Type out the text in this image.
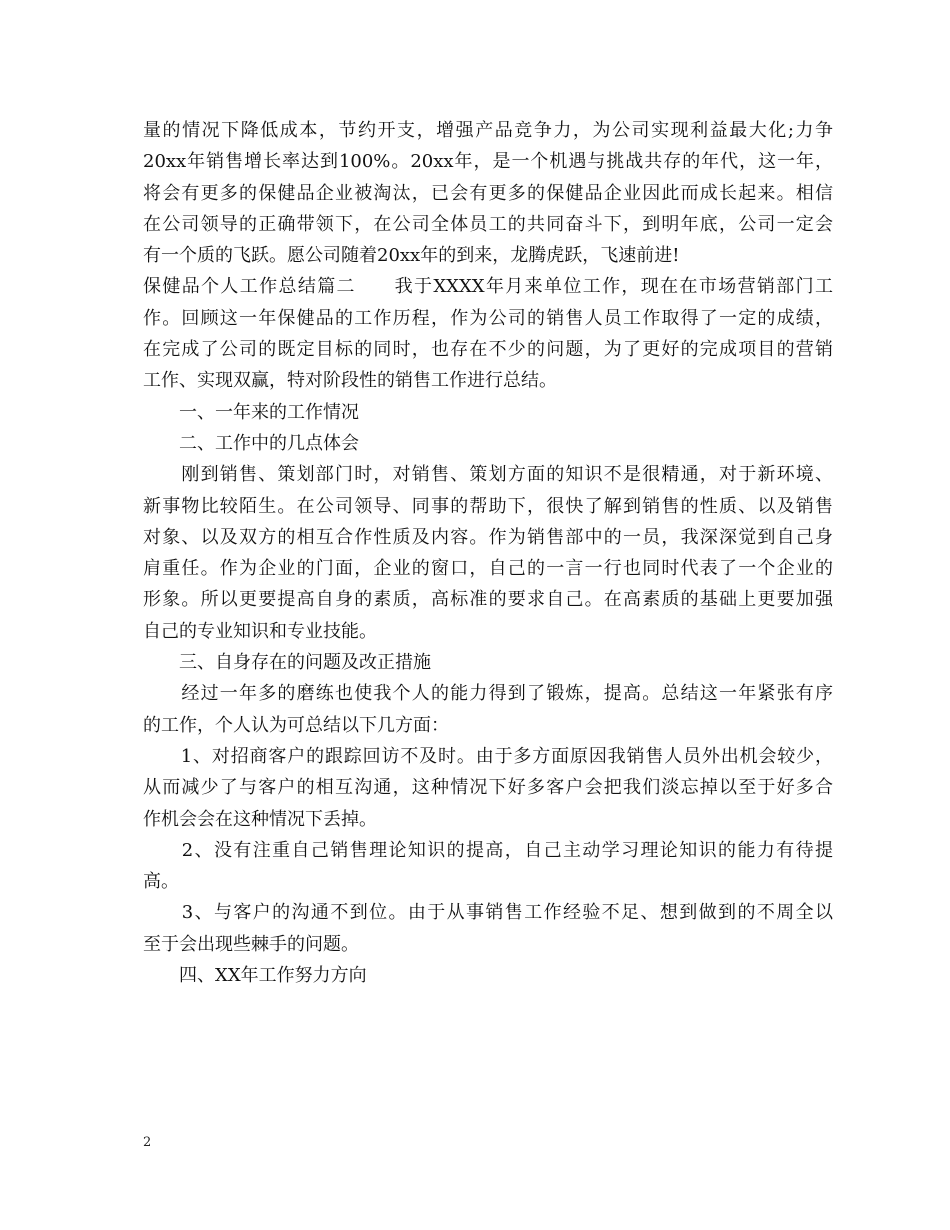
量的情况下降低成本，节约开支，增强产品竞争力，为公司实现利益最大化;力争
20xx年销售增长率达到100%。20xx年，是一个机遇与挑战共存的年代，这一年，
将会有更多的保健品企业被淘汰，已会有更多的保健品企业因此而成长起来。相信
在公司领导的正确带领下，在公司全体员工的共同奋斗下，到明年底，公司一定会
有一个质的飞跃。愿公司随着20xx年的到来，龙腾虎跃，飞速前进!
保健品个人工作总结篇二　　我于XXXX年月来单位工作，现在在市场营销部门工
作。回顾这一年保健品的工作历程，作为公司的销售人员工作取得了一定的成绩，
在完成了公司的既定目标的同时，也存在不少的问题，为了更好的完成项目的营销
工作、实现双赢，特对阶段性的销售工作进行总结。
　　一、一年来的工作情况
　　二、工作中的几点体会
　　刚到销售、策划部门时，对销售、策划方面的知识不是很精通，对于新环境、
新事物比较陌生。在公司领导、同事的帮助下，很快了解到销售的性质、以及销售
对象、以及双方的相互合作性质及内容。作为销售部中的一员，我深深觉到自己身
肩重任。作为企业的门面，企业的窗口，自己的一言一行也同时代表了一个企业的
形象。所以更要提高自身的素质，高标准的要求自己。在高素质的基础上更要加强
自己的专业知识和专业技能。
　　三、自身存在的问题及改正措施
　　经过一年多的磨练也使我个人的能力得到了锻炼，提高。总结这一年紧张有序
的工作，个人认为可总结以下几方面：
　　1、对招商客户的跟踪回访不及时。由于多方面原因我销售人员外出机会较少，
从而减少了与客户的相互沟通，这种情况下好多客户会把我们淡忘掉以至于好多合
作机会会在这种情况下丢掉。
　　2、没有注重自己销售理论知识的提高，自己主动学习理论知识的能力有待提
高。
　　3、与客户的沟通不到位。由于从事销售工作经验不足、想到做到的不周全以
至于会出现些棘手的问题。
　　四、XX年工作努力方向
2
